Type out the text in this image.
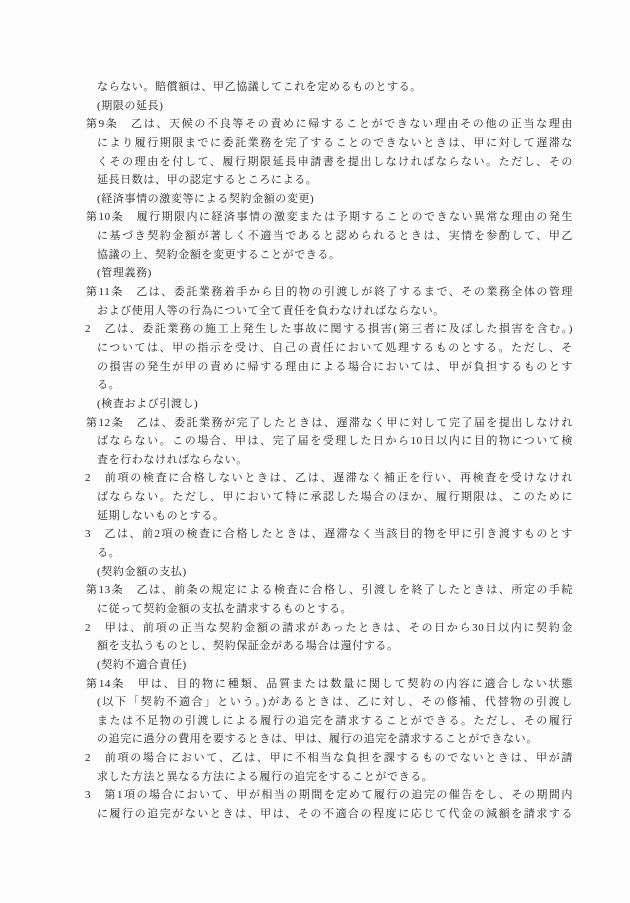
ならない。賠償額は、甲乙協議してこれを定めるものとする。
(期限の延長)
第9条　乙は、天候の不良等その責めに帰することができない理由その他の正当な理由
により履行期限までに委託業務を完了することのできないときは、甲に対して遅滞な
くその理由を付して、履行期限延長申請書を提出しなければならない。ただし、その
延長日数は、甲の認定するところによる。
(経済事情の激変等による契約金額の変更)
第10条　履行期限内に経済事情の激変または予期することのできない異常な理由の発生
に基づき契約金額が著しく不適当であると認められるときは、実情を参酌して、甲乙
協議の上、契約金額を変更することができる。
(管理義務)
第11条　乙は、委託業務着手から目的物の引渡しが終了するまで、その業務全体の管理
および使用人等の行為について全て責任を負わなければならない。
2　乙は、委託業務の施工上発生した事故に関する損害(第三者に及ぼした損害を含む。)
については、甲の指示を受け、自己の責任において処理するものとする。ただし、そ
の損害の発生が甲の責めに帰する理由による場合においては、甲が負担するものとす
る。
(検査および引渡し)
第12条　乙は、委託業務が完了したときは、遅滞なく甲に対して完了届を提出しなけれ
ばならない。この場合、甲は、完了届を受理した日から10日以内に目的物について検
査を行わなければならない。
2　前項の検査に合格しないときは、乙は、遅滞なく補正を行い、再検査を受けなけれ
ばならない。ただし、甲において特に承認した場合のほか、履行期限は、このために
延期しないものとする。
3　乙は、前2項の検査に合格したときは、遅滞なく当該目的物を甲に引き渡すものとす
る。
(契約金額の支払)
第13条　乙は、前条の規定による検査に合格し、引渡しを終了したときは、所定の手続
に従って契約金額の支払を請求するものとする。
2　甲は、前項の正当な契約金額の請求があったときは、その日から30日以内に契約金
額を支払うものとし、契約保証金がある場合は還付する。
(契約不適合責任)
第14条　甲は、目的物に種類、品質または数量に関して契約の内容に適合しない状態
(以下「契約不適合」という。)があるときは、乙に対し、その修補、代替物の引渡し
または不足物の引渡しによる履行の追完を請求することができる。ただし、その履行
の追完に過分の費用を要するときは、甲は、履行の追完を請求することができない。
2　前項の場合において、乙は、甲に不相当な負担を課するものでないときは、甲が請
求した方法と異なる方法による履行の追完をすることができる。
3　第1項の場合において、甲が相当の期間を定めて履行の追完の催告をし、その期間内
に履行の追完がないときは、甲は、その不適合の程度に応じて代金の減額を請求する
